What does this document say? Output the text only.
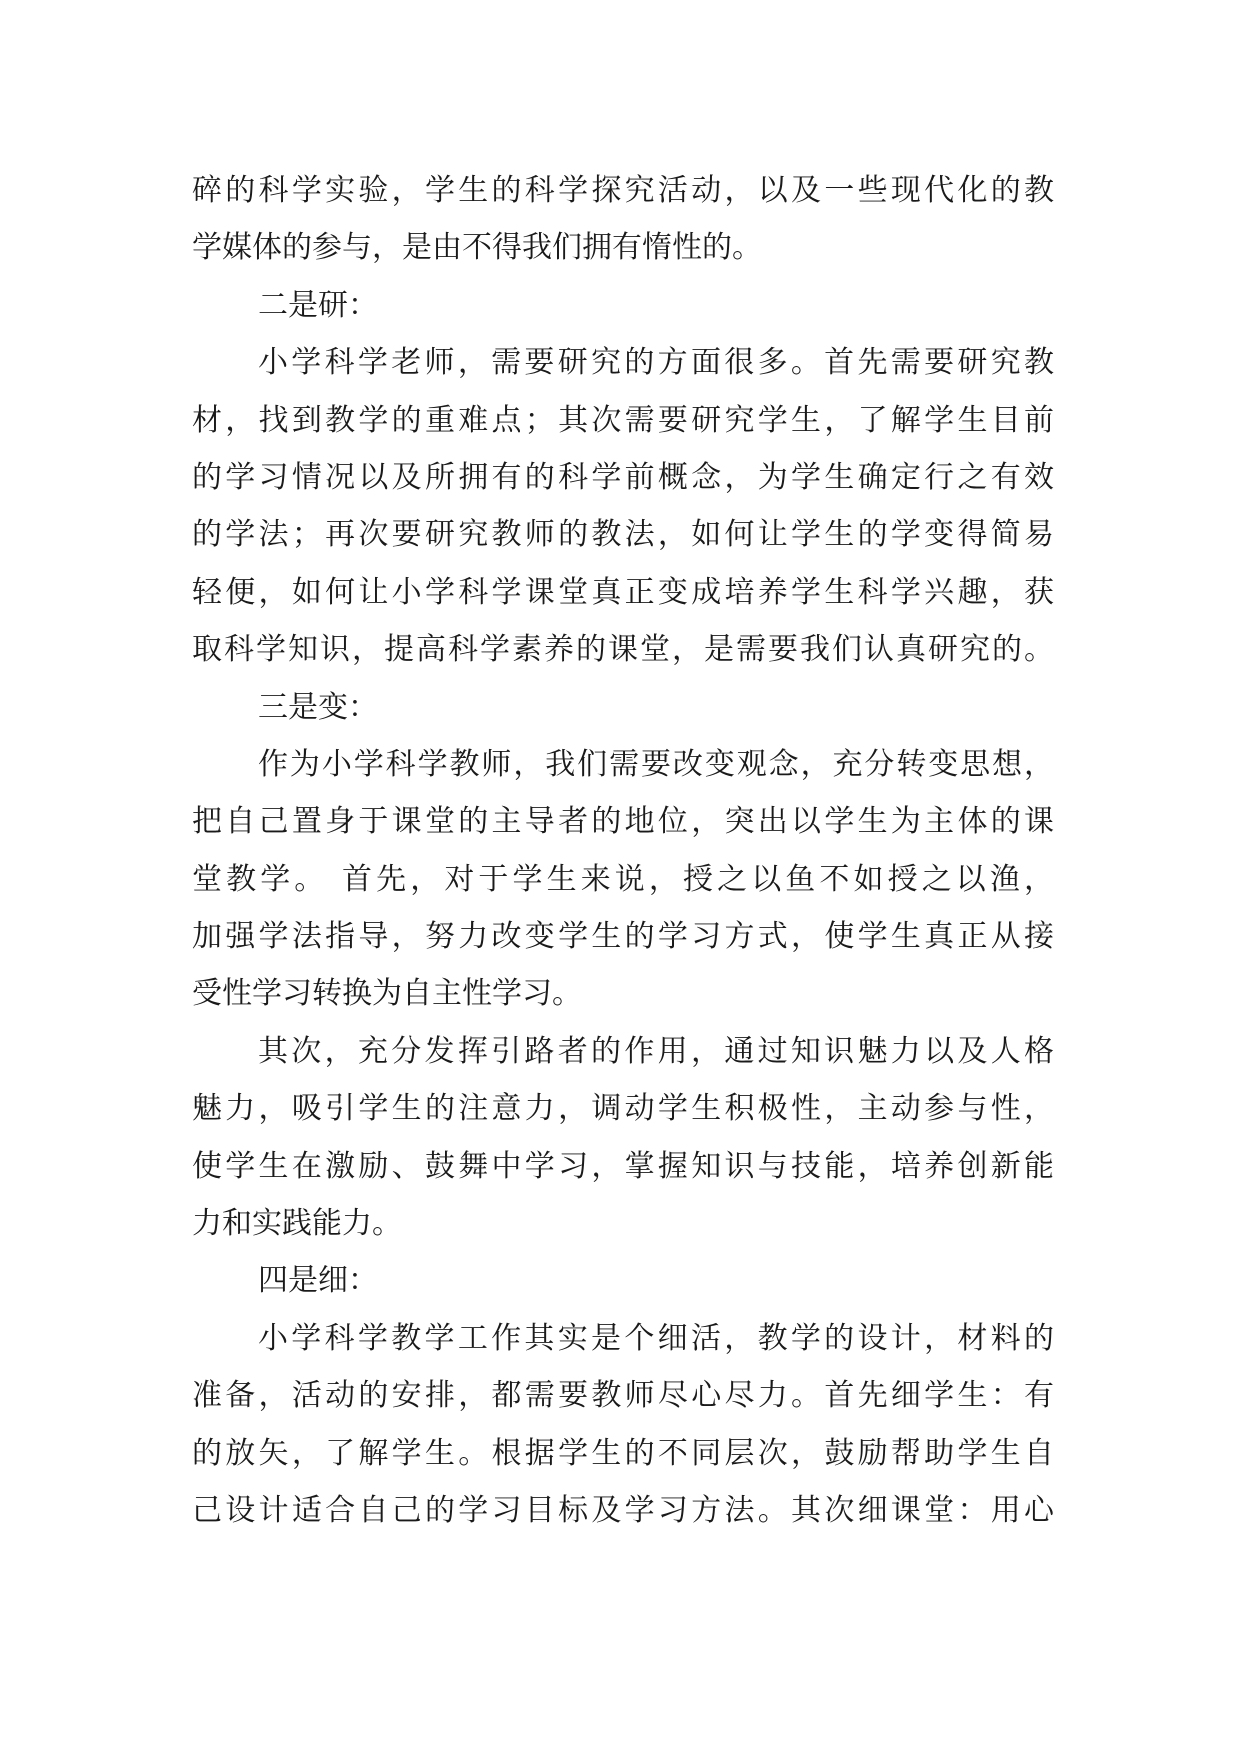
碎的科学实验，学生的科学探究活动，以及一些现代化的教
学媒体的参与，是由不得我们拥有惰性的。
二是研：
小学科学老师，需要研究的方面很多。首先需要研究教
材，找到教学的重难点；其次需要研究学生，了解学生目前
的学习情况以及所拥有的科学前概念，为学生确定行之有效
的学法；再次要研究教师的教法，如何让学生的学变得简易
轻便，如何让小学科学课堂真正变成培养学生科学兴趣，获
取科学知识，提高科学素养的课堂，是需要我们认真研究的。
三是变：
作为小学科学教师，我们需要改变观念，充分转变思想，
把自己置身于课堂的主导者的地位，突出以学生为主体的课
堂教学。 首先，对于学生来说，授之以鱼不如授之以渔，
加强学法指导，努力改变学生的学习方式，使学生真正从接
受性学习转换为自主性学习。
其次，充分发挥引路者的作用，通过知识魅力以及人格
魅力，吸引学生的注意力，调动学生积极性，主动参与性，
使学生在激励、鼓舞中学习，掌握知识与技能，培养创新能
力和实践能力。
四是细：
小学科学教学工作其实是个细活，教学的设计，材料的
准备，活动的安排，都需要教师尽心尽力。首先细学生：有
的放矢，了解学生。根据学生的不同层次，鼓励帮助学生自
己设计适合自己的学习目标及学习方法。其次细课堂：用心
